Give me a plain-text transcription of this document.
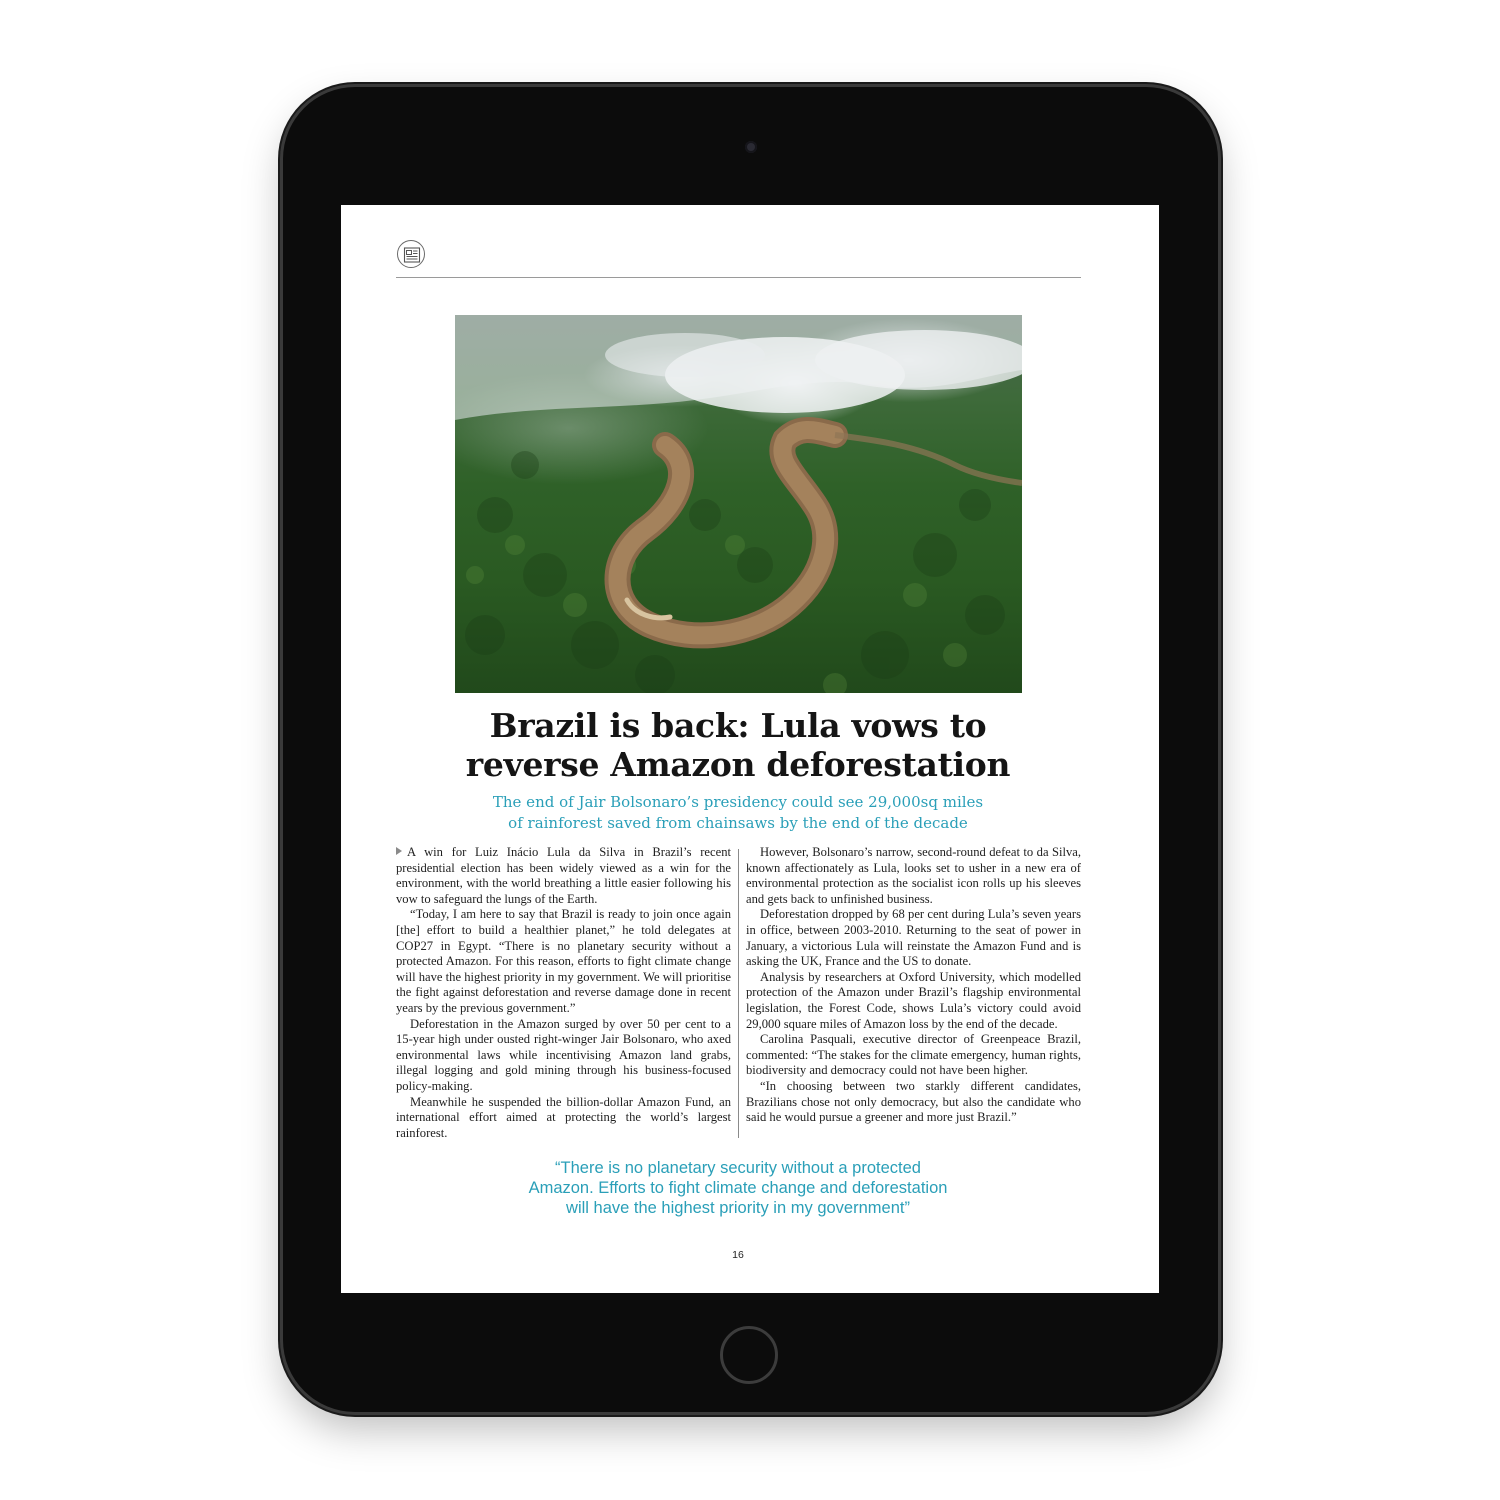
Brazil is back: Lula vows to
reverse Amazon deforestation
The end of Jair Bolsonaro’s presidency could see 29,000sq miles
of rainforest saved from chainsaws by the end of the decade

A win for Luiz Inácio Lula da Silva in Brazil’s recent presidential election has been widely viewed as a win for the environment, with the world breathing a little easier following his vow to safeguard the lungs of the Earth.

“Today, I am here to say that Brazil is ready to join once again [the] effort to build a healthier planet,” he told delegates at COP27 in Egypt. “There is no planetary security without a protected Amazon. For this reason, efforts to fight climate change will have the highest priority in my government. We will prioritise the fight against deforestation and reverse damage done in recent years by the previous government.”

Deforestation in the Amazon surged by over 50 per cent to a 15-year high under ousted right-winger Jair Bolsonaro, who axed environmental laws while incentivising Amazon land grabs, illegal logging and gold mining through his business-focused policy-making.

Meanwhile he suspended the billion-dollar Amazon Fund, an international effort aimed at protecting the world’s largest rainforest.

However, Bolsonaro’s narrow, second-round defeat to da Silva, known affectionately as Lula, looks set to usher in a new era of environmental protection as the socialist icon rolls up his sleeves and gets back to unfinished business.

Deforestation dropped by 68 per cent during Lula’s seven years in office, between 2003-2010. Returning to the seat of power in January, a victorious Lula will reinstate the Amazon Fund and is asking the UK, France and the US to donate.

Analysis by researchers at Oxford University, which modelled protection of the Amazon under Brazil’s flagship environmental legislation, the Forest Code, shows Lula’s victory could avoid 29,000 square miles of Amazon loss by the end of the decade.

Carolina Pasquali, executive director of Greenpeace Brazil, commented: “The stakes for the climate emergency, human rights, biodiversity and democracy could not have been higher.

“In choosing between two starkly different candidates, Brazilians chose not only democracy, but also the candidate who said he would pursue a greener and more just Brazil.”

“There is no planetary security without a protected
Amazon. Efforts to fight climate change and deforestation
will have the highest priority in my government”
16
